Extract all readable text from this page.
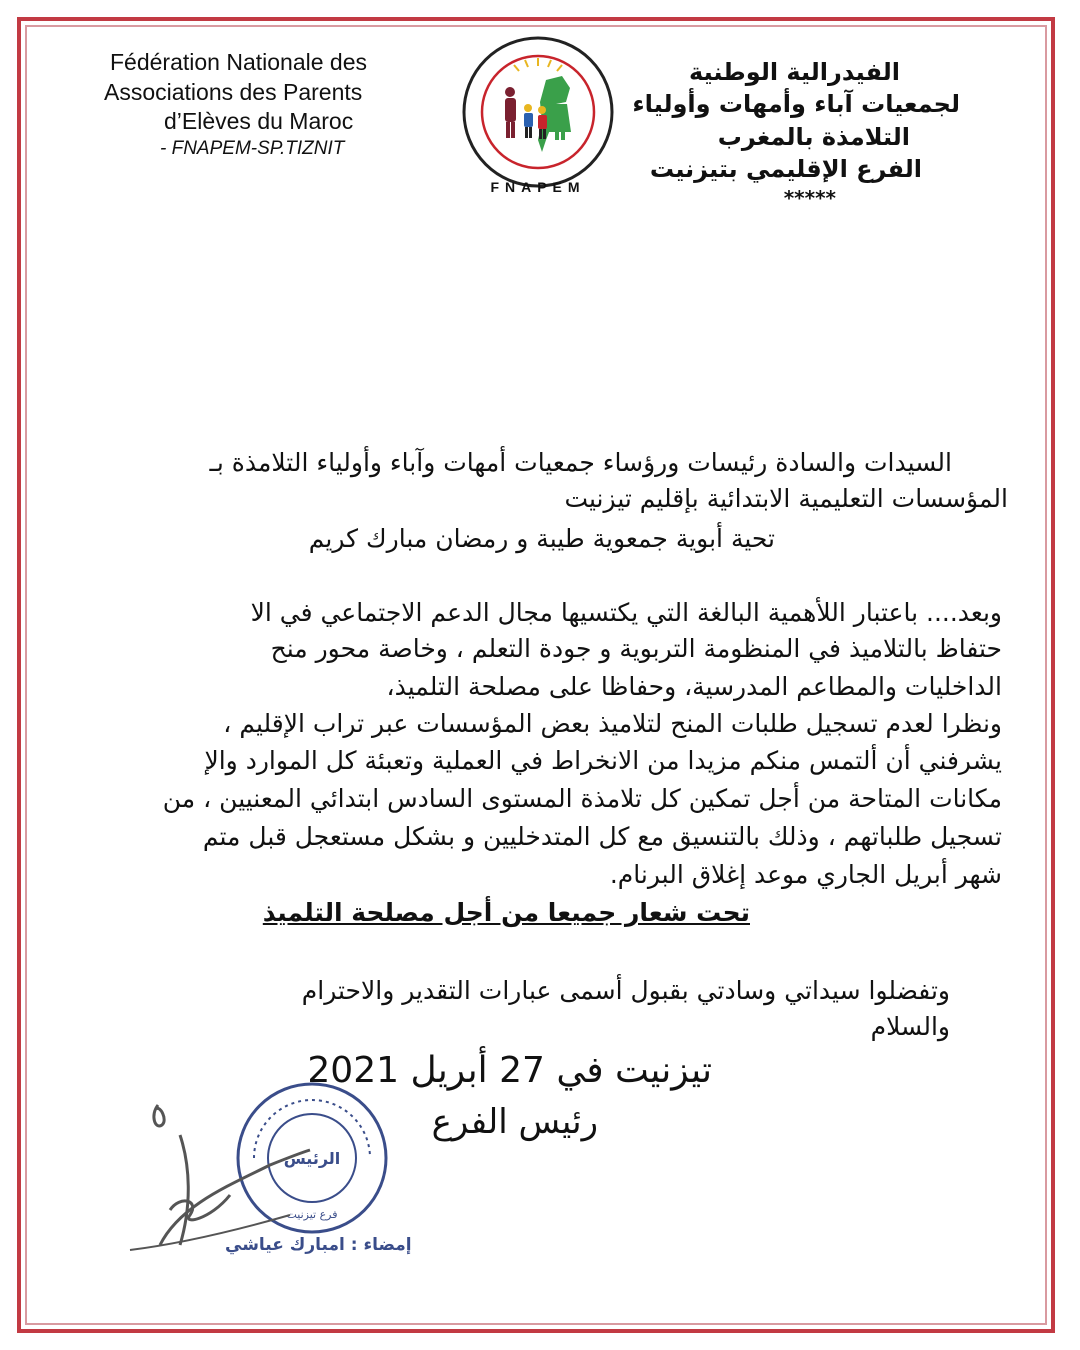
Fédération Nationale des
Associations des Parents
d’Elèves du Maroc
- FNAPEM-SP.TIZNIT
FNAPEM
الفيدرالية الوطنية
لجمعيات آباء وأمهات وأولياء
التلامذة بالمغرب
الفرع الإقليمي بتيزنيت
*****
السيدات والسادة رئيسات ورؤساء جمعيات أمهات وآباء وأولياء التلامذة بـ
المؤسسات التعليمية الابتدائية بإقليم تيزنيت
تحية أبوية جمعوية طيبة و رمضان مبارك كريم
وبعد.... باعتبار اللأهمية البالغة التي يكتسيها مجال الدعم الاجتماعي في الا
حتفاظ بالتلاميذ في المنظومة التربوية و جودة التعلم ، وخاصة محور منح
الداخليات والمطاعم المدرسية، وحفاظا على مصلحة التلميذ،
ونظرا لعدم تسجيل طلبات المنح لتلاميذ بعض المؤسسات عبر تراب الإقليم ،
يشرفني أن ألتمس منكم مزيدا من الانخراط في العملية وتعبئة كل الموارد والإ
مكانات المتاحة من أجل تمكين كل تلامذة المستوى السادس ابتدائي المعنيين ، من
تسجيل طلباتهم ، وذلك بالتنسيق مع كل المتدخليين و بشكل مستعجل قبل متم
شهر أبريل الجاري موعد إغلاق البرنام.
تحت شعار جميعا من أجل مصلحة التلميذ
وتفضلوا سيداتي وسادتي بقبول أسمى عبارات التقدير والاحترام
والسلام
تيزنيت في 27 أبريل 2021
رئيس الفرع
الرئيس
فرع تيزنيت
إمضاء : امبارك عياشي
